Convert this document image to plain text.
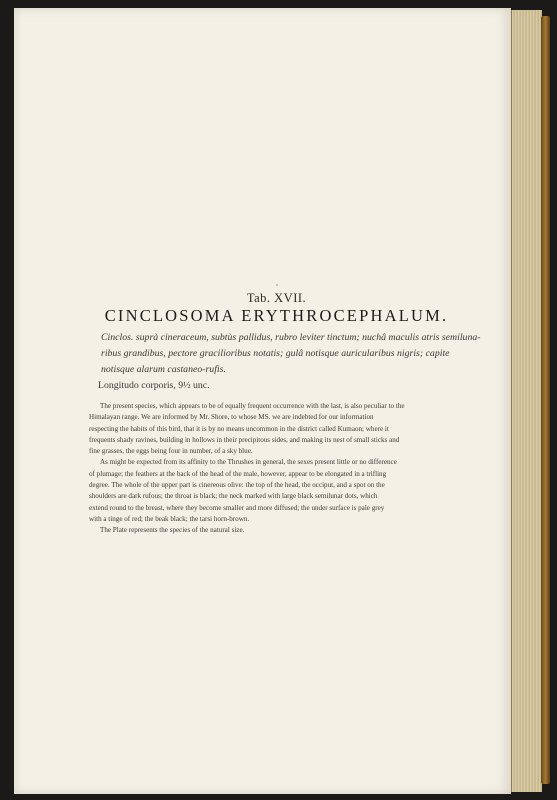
Tab. XVII.
CINCLOSOMA ERYTHROCEPHALUM.
Cinclos. suprà cineraceum, subtùs pallidus, rubro leviter tinctum; nuchâ maculis atris semiluna-
ribus grandibus, pectore gracilioribus notatis; gulâ notisque auricularibus nigris; capite
notisque alarum castaneo-rufis.
Longitudo corporis, 9½ unc.
The present species, which appears to be of equally frequent occurrence with the last, is also peculiar to the
Himalayan range. We are informed by Mr. Shore, to whose MS. we are indebted for our information
respecting the habits of this bird, that it is by no means uncommon in the district called Kumaon; where it
frequents shady ravines, building in hollows in their precipitous sides, and making its nest of small sticks and
fine grasses, the eggs being four in number, of a sky blue.
As might be expected from its affinity to the Thrushes in general, the sexes present little or no difference
of plumage; the feathers at the back of the head of the male, however, appear to be elongated in a trifling
degree. The whole of the upper part is cinereous olive: the top of the head, the occiput, and a spot on the
shoulders are dark rufous; the throat is black; the neck marked with large black semilunar dots, which
extend round to the breast, where they become smaller and more diffused; the under surface is pale grey
with a tinge of red; the beak black; the tarsi horn-brown.
The Plate represents the species of the natural size.
